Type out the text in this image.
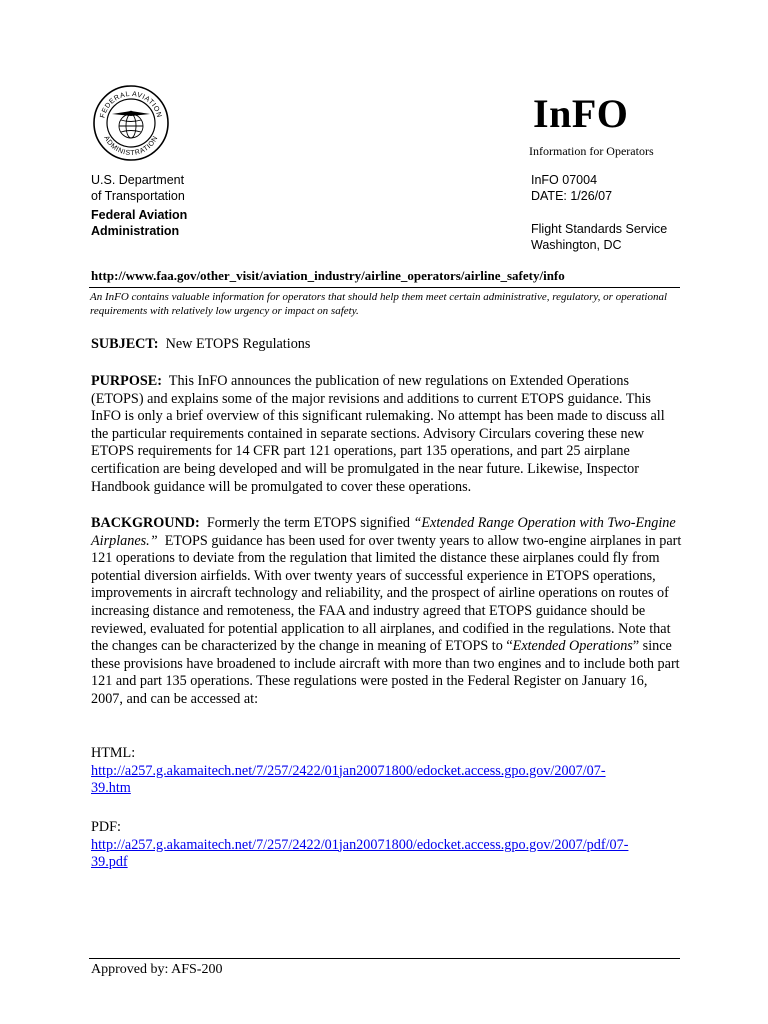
FEDERAL AVIATION
ADMINISTRATION
InFO
Information for Operators
U.S. Department
of Transportation
Federal Aviation
Administration
InFO 07004
DATE: 1/26/07
Flight Standards Service
Washington, DC
http://www.faa.gov/other_visit/aviation_industry/airline_operators/airline_safety/info
An InFO contains valuable information for operators that should help them meet certain administrative, regulatory, or operational requirements with relatively low urgency or impact on safety.
SUBJECT: New ETOPS Regulations
PURPOSE: This InFO announces the publication of new regulations on Extended Operations (ETOPS) and explains some of the major revisions and additions to current ETOPS guidance. This InFO is only a brief overview of this significant rulemaking. No attempt has been made to discuss all the particular requirements contained in separate sections. Advisory Circulars covering these new ETOPS requirements for 14 CFR part 121 operations, part 135 operations, and part 25 airplane certification are being developed and will be promulgated in the near future. Likewise, Inspector Handbook guidance will be promulgated to cover these operations.
BACKGROUND: Formerly the term ETOPS signified “Extended Range Operation with Two-Engine Airplanes.” ETOPS guidance has been used for over twenty years to allow two-engine airplanes in part 121 operations to deviate from the regulation that limited the distance these airplanes could fly from potential diversion airfields. With over twenty years of successful experience in ETOPS operations, improvements in aircraft technology and reliability, and the prospect of airline operations on routes of increasing distance and remoteness, the FAA and industry agreed that ETOPS guidance should be reviewed, evaluated for potential application to all airplanes, and codified in the regulations. Note that the changes can be characterized by the change in meaning of ETOPS to “Extended Operations” since these provisions have broadened to include aircraft with more than two engines and to include both part 121 and part 135 operations. These regulations were posted in the Federal Register on January 16, 2007, and can be accessed at:
HTML:
http://a257.g.akamaitech.net/7/257/2422/01jan20071800/edocket.access.gpo.gov/2007/07-
39.htm
PDF:
http://a257.g.akamaitech.net/7/257/2422/01jan20071800/edocket.access.gpo.gov/2007/pdf/07-
39.pdf
Approved by: AFS-200
